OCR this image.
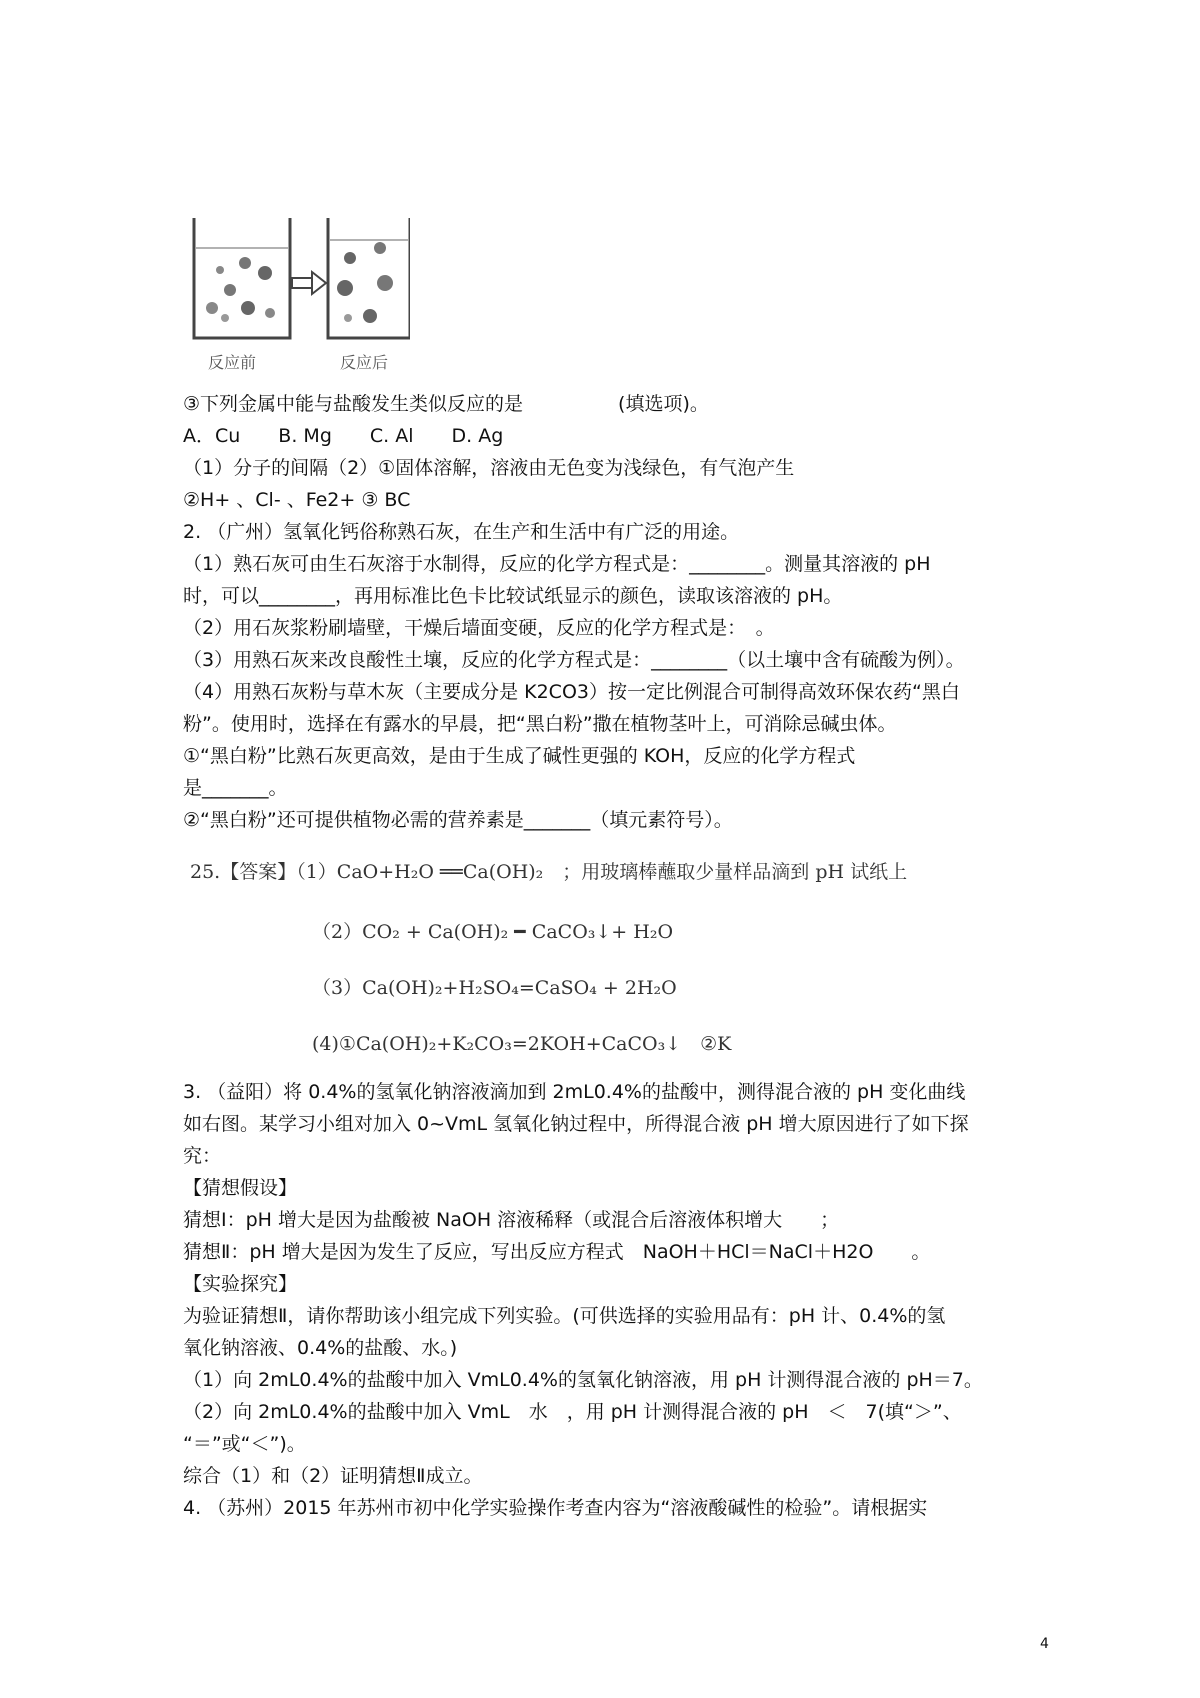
反应前	反应后
③下列金属中能与盐酸发生类似反应的是　　　　　(填选项)。
A．Cu　　B. Mg　　C. Al　　D. Ag
（1）分子的间隔（2）①固体溶解，溶液由无色变为浅绿色，有气泡产生
②H+ 、Cl- 、Fe2+ ③ BC
2. （广州）氢氧化钙俗称熟石灰，在生产和生活中有广泛的用途。
（1）熟石灰可由生石灰溶于水制得，反应的化学方程式是：________。测量其溶液的 pH
时，可以________，再用标准比色卡比较试纸显示的颜色，读取该溶液的 pH。
（2）用石灰浆粉刷墙壁，干燥后墙面变硬，反应的化学方程式是：　。
（3）用熟石灰来改良酸性土壤，反应的化学方程式是：________（以土壤中含有硫酸为例）。
（4）用熟石灰粉与草木灰（主要成分是 K2CO3）按一定比例混合可制得高效环保农药“黑白
粉”。使用时，选择在有露水的早晨，把“黑白粉”撒在植物茎叶上，可消除忌碱虫体。
①“黑白粉”比熟石灰更高效，是由于生成了碱性更强的 KOH，反应的化学方程式
是_______。
②“黑白粉”还可提供植物必需的营养素是_______（填元素符号）。
25.【答案】（1）CaO+H₂O ══Ca(OH)₂　；用玻璃棒蘸取少量样品滴到 pH 试纸上
（2）CO₂ + Ca(OH)₂ ━ CaCO₃↓+ H₂O
（3）Ca(OH)₂+H₂SO₄=CaSO₄ + 2H₂O
(4)①Ca(OH)₂+K₂CO₃=2KOH+CaCO₃↓　②K
3. （益阳）将 0.4%的氢氧化钠溶液滴加到 2mL0.4%的盐酸中，测得混合液的 pH 变化曲线
如右图。某学习小组对加入 0~VmL 氢氧化钠过程中，所得混合液 pH 增大原因进行了如下探
究：
【猜想假设】
猜想Ⅰ：pH 增大是因为盐酸被 NaOH 溶液稀释（或混合后溶液体积增大　　；
猜想Ⅱ：pH 增大是因为发生了反应，写出反应方程式　NaOH＋HCl＝NaCl＋H2O　　。
【实验探究】
为验证猜想Ⅱ，请你帮助该小组完成下列实验。(可供选择的实验用品有：pH 计、0.4%的氢
氧化钠溶液、0.4%的盐酸、水。)
（1）向 2mL0.4%的盐酸中加入 VmL0.4%的氢氧化钠溶液，用 pH 计测得混合液的 pH＝7。
（2）向 2mL0.4%的盐酸中加入 VmL　水　，用 pH 计测得混合液的 pH　＜　7(填“＞”、
“＝”或“＜”)。
综合（1）和（2）证明猜想Ⅱ成立。
4. （苏州）2015 年苏州市初中化学实验操作考查内容为“溶液酸碱性的检验”。请根据实
4
